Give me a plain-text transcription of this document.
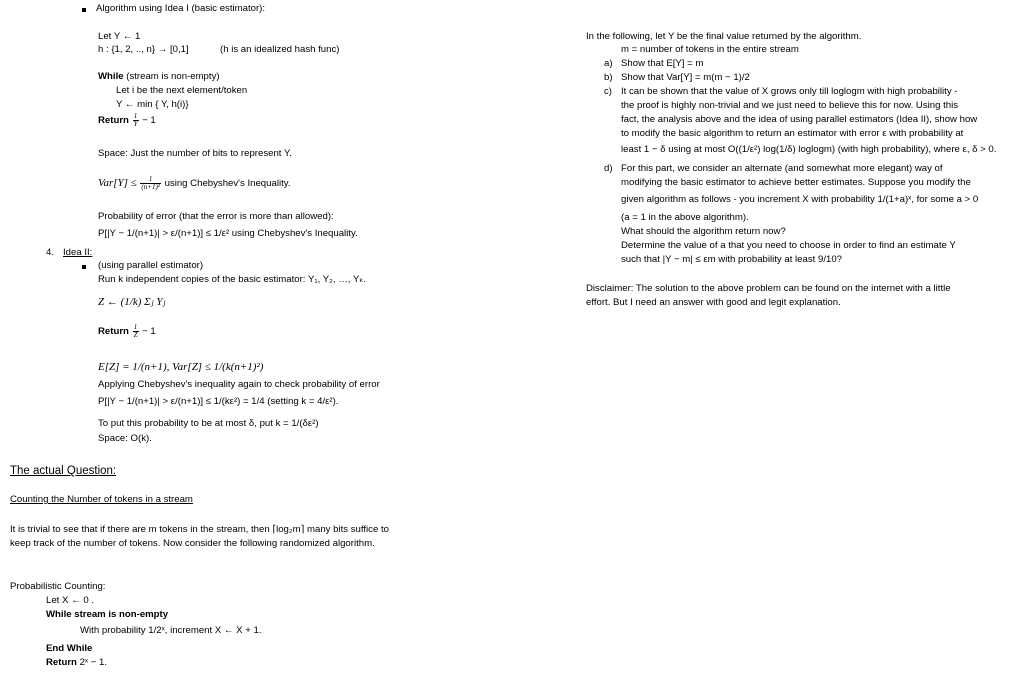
Algorithm using Idea I (basic estimator):
Let Y ← 1
h : {1, 2, .., n} → [0,1]	(h is an idealized hash func)
While (stream is non-empty)
Let i be the next element/token
Y ← min { Y, h(i)}
Return $\frac{1}{Y} - 1$
Space: Just the number of bits to represent Y.
$Var[Y] \le \frac{1}{\text{(n+1)²}}$ using Chebyshev's Inequality.
Probability of error (that the error is more than allowed):
P[|Y − 1/(n+1)| > ε/(n+1)] ≤ 1/ε² using Chebyshev's Inequality.
4. Idea II:
(using parallel estimator)
Run k independent copies of the basic estimator: Y₁, Y₂, …, Yₖ.
Z ← (1/k) Σⱼ Yⱼ
Return $\frac{1}{Z} - 1$
E[Z] = 1/(n+1), Var[Z] ≤ 1/(k(n+1)²)
Applying Chebyshev's inequality again to check probability of error
P[|Y − 1/(n+1)| > ε/(n+1)] ≤ 1/(kε²) = 1/4 (setting k = 4/ε²).
To put this probability to be at most δ, put k = 1/(δε²)
Space: O(k).
The actual Question:
Counting the Number of tokens in a stream
It is trivial to see that if there are m tokens in the stream, then ⌈log₂m⌉ many bits suffice to
keep track of the number of tokens. Now consider the following randomized algorithm.
Probabilistic Counting:
Let X ← 0 .
While stream is non-empty
With probability 1/2ˣ, increment X ← X + 1.
End While
Return 2ˣ − 1.
In the following, let Y be the final value returned by the algorithm.
m = number of tokens in the entire stream
a) Show that E[Y] = m
b) Show that Var[Y] = m(m − 1)/2
c) It can be shown that the value of X grows only till loglogm with high probability -
the proof is highly non-trivial and we just need to believe this for now. Using this
fact, the analysis above and the idea of using parallel estimators (Idea II), show how
to modify the basic algorithm to return an estimator with error ε with probability at
least 1 − δ using at most O((1/ε²) log(1/δ) loglogm) (with high probability), where ε, δ > 0.
d) For this part, we consider an alternate (and somewhat more elegant) way of
modifying the basic estimator to achieve better estimates. Suppose you modify the
given algorithm as follows - you increment X with probability 1/(1+a)ˣ, for some a > 0
(a = 1 in the above algorithm).
What should the algorithm return now?
Determine the value of a that you need to choose in order to find an estimate Y
such that |Y − m| ≤ εm with probability at least 9/10?
Disclaimer: The solution to the above problem can be found on the internet with a little
effort. But I need an answer with good and legit explanation.
